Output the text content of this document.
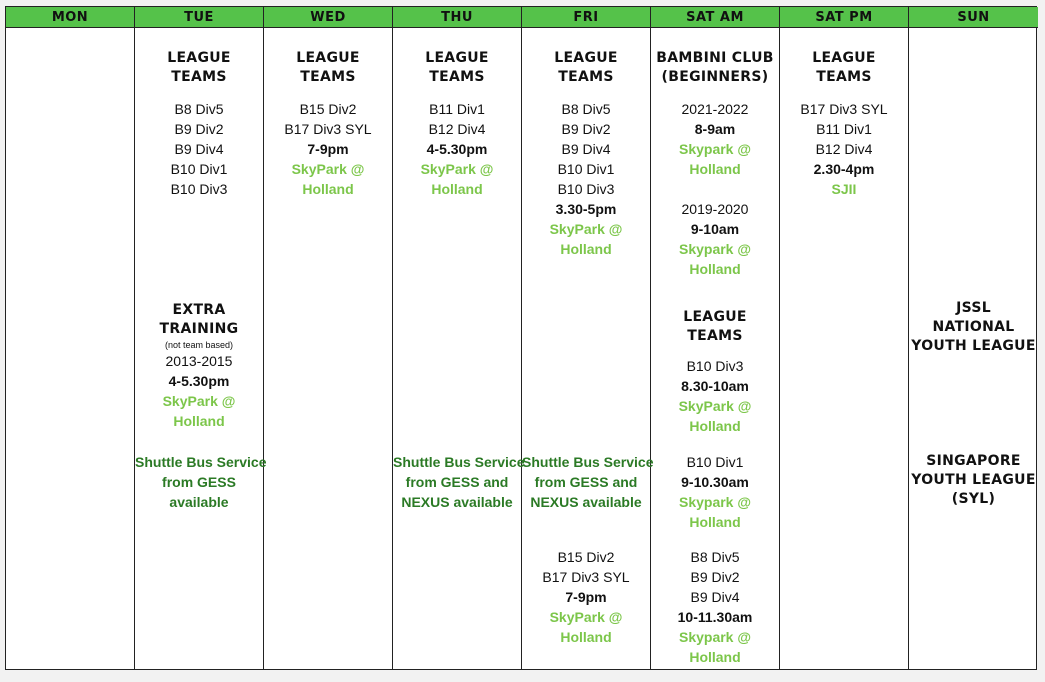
MON	TUE
LEAGUE
TEAMS
B8 Div5
B9 Div2
B9 Div4
B10 Div1
B10 Div3
EXTRA
TRAINING
(not team based)
2013-2015
4-5.30pm
SkyPark @
Holland
Shuttle Bus Service
from GESS
available
WED
LEAGUE
TEAMS
B15 Div2
B17 Div3 SYL
7-9pm
SkyPark @
Holland
THU
LEAGUE
TEAMS
B11 Div1
B12 Div4
4-5.30pm
SkyPark @
Holland
Shuttle Bus Service
from GESS and
NEXUS available
FRI
LEAGUE
TEAMS
B8 Div5
B9 Div2
B9 Div4
B10 Div1
B10 Div3
3.30-5pm
SkyPark @
Holland
Shuttle Bus Service
from GESS and
NEXUS available
B15 Div2
B17 Div3 SYL
7-9pm
SkyPark @
Holland
SAT AM
BAMBINI CLUB
(BEGINNERS)
2021-2022
8-9am
Skypark @
Holland
2019-2020
9-10am
Skypark @
Holland
LEAGUE
TEAMS
B10 Div3
8.30-10am
SkyPark @
Holland
B10 Div1
9-10.30am
Skypark @
Holland
B8 Div5
B9 Div2
B9 Div4
10-11.30am
Skypark @
Holland
SAT PM
LEAGUE
TEAMS
B17 Div3 SYL
B11 Div1
B12 Div4
2.30-4pm
SJII
SUN
JSSL
NATIONAL
YOUTH LEAGUE
SINGAPORE
YOUTH LEAGUE
(SYL)
